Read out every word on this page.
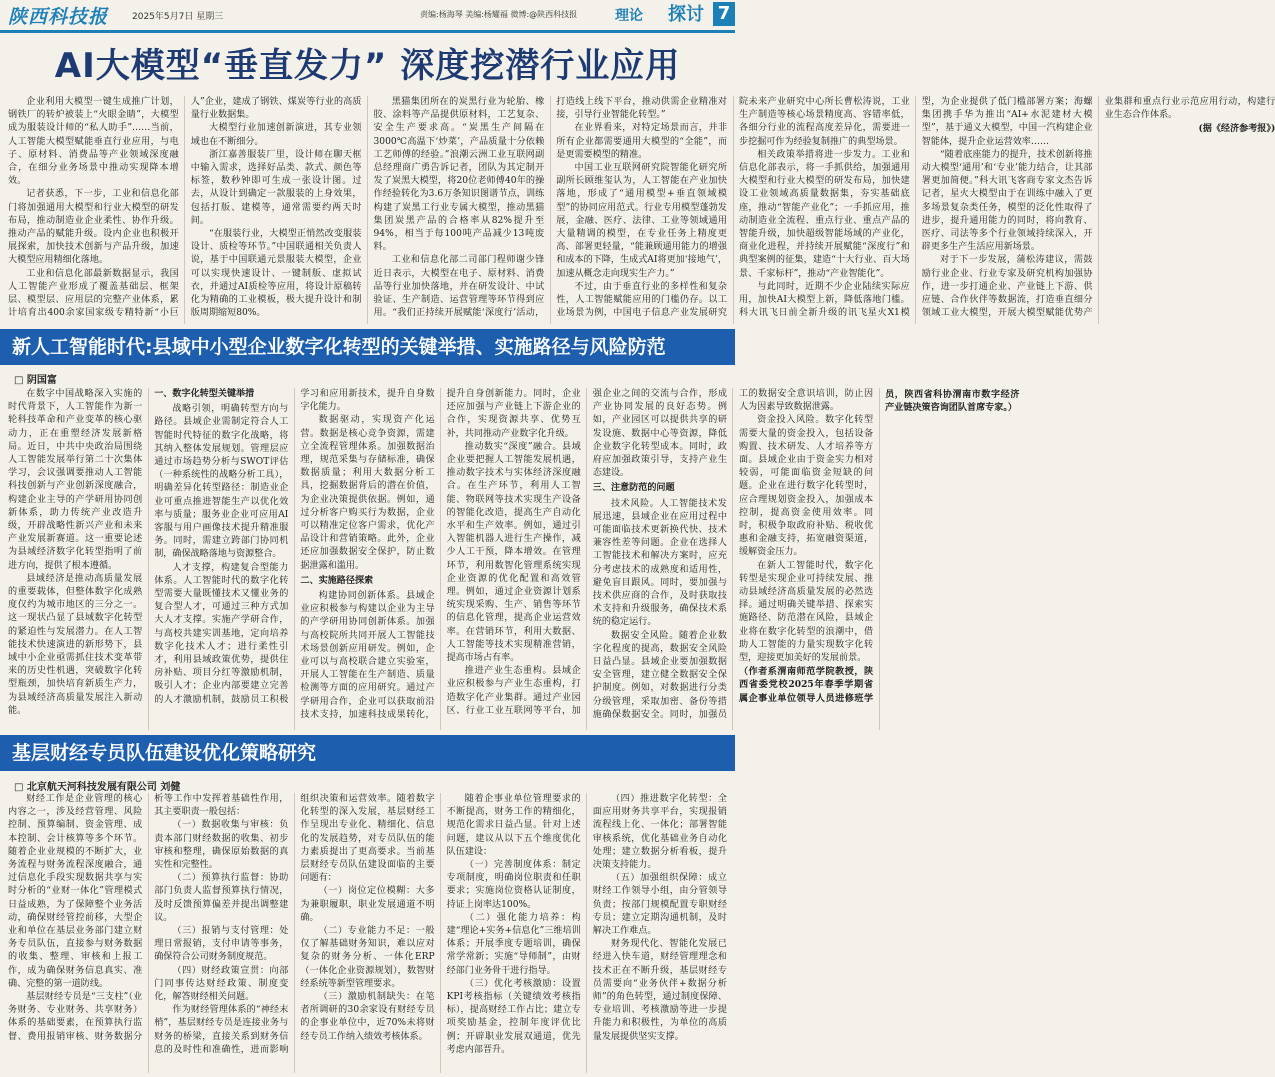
陕西科技报	2025年5月7日 星期三	责编:杨海琴 美编:杨耀福 微博:@陕西科技报	理论 探讨 7
AI大模型“垂直发力” 深度挖潜行业应用

企业利用大模型一键生成推广计划，钢铁厂的转炉被装上“火眼金睛”，大模型成为服装设计师的“私人助手”……当前，人工智能大模型赋能垂直行业应用，与电子、原材料、消费品等产业领域深度融合，在细分业务场景中推动实现降本增效。

记者获悉，下一步，工业和信息化部门将加强通用大模型和行业大模型的研发布局，推动制造业企业柔性、协作升级。推动产品的赋能升级。设内企业也积极开展探索，加快技术创新与产品升级，加速大模型应用精细化落地。

工业和信息化部最新数据显示，我国人工智能产业形成了覆盖基础层、框架层、模型层、应用层的完整产业体系，累计培育出400余家国家级专精特新“小巨人”企业，建成了钢铁、煤炭等行业的高质量行业数据集。

大模型行业加速创新演进，其专业领域也在不断细分。

浙江嘉善服装厂里，设计师在聊天框中输入需求，选择好品类、款式、颜色等标签，数秒钟即可生成一张设计图。过去，从设计到确定一款服装的上身效果，包括打版、建模等，通常需要约两天时间。

“在服装行业，大模型正悄然改变服装设计、质检等环节。”中国联通相关负责人说，基于中国联通元景服装大模型，企业可以实现快速设计、一键制版、虚拟试衣，并通过AI质检等应用，将设计原稿转化为精确的工业模板，极大提升设计和制版周期缩短80%。

黑猫集团所在的炭黑行业为轮胎、橡胶、涂料等产品提供原材料，工艺复杂、安全生产要求高。“炭黑生产间隔在3000℃高温下‘炒菜’，产品质量十分依赖工艺师傅的经验。”浪潮云洲工业互联网副总经理商广勇告诉记者，团队为其定制开发了炭黑大模型，将20位老师傅40年的操作经验转化为3.6万条知识图谱节点，训练构建了炭黑工行业专属大模型，推动黑猫集团炭黑产品的合格率从82%提升至94%，相当于每100吨产品减少13吨废料。

工业和信息化部二司部门程师谢少锋近日表示，大模型在电子、原材料、消费品等行业加快落地，并在研发设计、中试验证、生产制造、运营管理等环节得到应用。“我们正持续开展赋能‘深度行’活动，打造线上线下平台，推动供需企业精准对接，引导行业智能化转型。”

在业界看来，对特定场景而言，并非所有企业都需要通用大模型的“全能”，而是更需要模型的精准。

中国工业互联网研究院智能化研究所副所长顾维玺认为，人工智能在产业加快落地，形成了“通用模型+垂直领域模型”的协同应用范式。行业专用模型蓬勃发展，金融、医疗、法律、工业等领域通用大量精调的模型，在专业任务上精度更高、部署更轻量，“能兼顾通用能力的增强和成本的下降，生成式AI将更加‘接地气’，加速从概念走向现实生产力。”

不过，由于垂直行业的多样性和复杂性，人工智能赋能应用的门槛仍存。以工业场景为例，中国电子信息产业发展研究院未来产业研究中心所长曹松涛说，工业生产制造等核心场景精度高、容错率低，各细分行业的流程高度差异化，需要进一步挖掘可作为经验复制推广的典型场景。

相关政策举措将进一步发力。工业和信息化部表示，将一手抓供给，加强通用大模型和行业大模型的研发布局，加快建设工业领域高质量数据集，夯实基础底座，推动“智能产业化”；一手抓应用，推动制造业全流程、重点行业、重点产品的智能升级，加快超级智能场域的产业化，商业化进程，并持续开展赋能“深度行”和典型案例的征集，建造“十大行业、百大场景、千家标杆”，推动“产业智能化”。

与此同时，近期不少企业陆续实际应用，加快AI大模型上新，降低落地门槛。科大讯飞日前全新升级的讯飞星火X1模型，为企业提供了低门槛部署方案；海螺集团携手华为推出“AI+水泥建材大模型”，基于通义大模型，中国一汽构建企业智能体，提升企业运营效率……

“随着底座能力的提升，技术创新将推动大模型‘通用’和‘专业’能力结合，让其部署更加简便。”科大讯飞客商专家文杰告诉记者，星火大模型由于在训练中融入了更多场景复杂类任务，模型的泛化性取得了进步，提升通用能力的同时，将向教育、医疗、司法等多个行业领域持续深入，开辟更多生产生活应用新场景。

对于下一步发展，蒲松涛建议，需鼓励行业企业、行业专家及研究机构加强协作，进一步打通企业、产业链上下游、供应链、合作伙伴等数据流，打造垂直细分领域工业大模型，开展大模型赋能优势产业集群和重点行业示范应用行动，构建行业生态合作体系。

(据《经济参考报》)

新人工智能时代:县域中小型企业数字化转型的关键举措、实施路径与风险防范
□ 阴国富

在数字中国战略深入实施的时代背景下，人工智能作为新一轮科技革命和产业变革的核心驱动力，正在重塑经济发展新格局。近日，中共中央政治局围绕人工智能发展举行第二十次集体学习，会议强调要推动人工智能科技创新与产业创新深度融合，构建企业主导的产学研用协同创新体系，助力传统产业改造升级，开辟战略性新兴产业和未来产业发展新赛道。这一重要论述为县域经济数字化转型指明了前进方向，提供了根本遵循。

县域经济是推动高质量发展的重要载体，但整体数字化成熟度仅约为城市地区的三分之一。这一现状凸显了县域数字化转型的紧迫性与发展潜力。在人工智能技术快速演进的新形势下，县域中小企业亟需抓住技术变革带来的历史性机遇，突破数字化转型瓶颈，加快培育新质生产力，为县域经济高质量发展注入新动能。

一、数字化转型关键举措

战略引领，明确转型方向与路径。县域企业需制定符合人工智能时代特征的数字化战略，将其纳入整体发展规划。管理层应通过市场趋势分析与SWOT评估（一种系统性的战略分析工具），明确差异化转型路径：制造业企业可重点推进智能生产以优化效率与质量；服务业企业可应用AI客服与用户画像技术提升精准服务。同时，需建立跨部门协同机制，确保战略落地与资源整合。

人才支撑，构建复合型能力体系。人工智能时代的数字化转型需要大量既懂技术又懂业务的复合型人才，可通过三种方式加大人才支撑。实施产学研合作，与高校共建实训基地，定向培养数字化技术人才；进行柔性引才，利用县域政策优势，提供住房补贴、项目分红等激励机制，吸引人才；企业内部要建立完善的人才激励机制，鼓励员工积极学习和应用新技术，提升自身数字化能力。

数据驱动，实现资产化运营。数据是核心竞争资源，需建立全流程管理体系。加强数据治理，规范采集与存储标准，确保数据质量；利用大数据分析工具，挖掘数据背后的潜在价值，为企业决策提供依据。例如，通过分析客户购买行为数据，企业可以精准定位客户需求，优化产品设计和营销策略。此外，企业还应加强数据安全保护，防止数据泄露和滥用。

二、实施路径探索

构建协同创新体系。县域企业应积极参与构建以企业为主导的产学研用协同创新体系。加强与高校院所共同开展人工智能技术场景创新应用研发。例如，企业可以与高校联合建立实验室，开展人工智能在生产制造、质量检测等方面的应用研究。通过产学研用合作，企业可以获取前沿技术支持，加速科技成果转化，提升自身创新能力。同时，企业还应加强与产业链上下游企业的合作，实现资源共享、优势互补，共同推动产业数字化升级。

推动数实“深度”融合。县域企业要把握人工智能发展机遇，推动数字技术与实体经济深度融合。在生产环节，利用人工智能、物联网等技术实现生产设备的智能化改造，提高生产自动化水平和生产效率。例如，通过引入智能机器人进行生产操作，减少人工干预，降本增效。在管理环节，利用数智化管理系统实现企业资源的优化配置和高效管理。例如，通过企业资源计划系统实现采购、生产、销售等环节的信息化管理，提高企业运营效率。在营销环节，利用大数据、人工智能等技术实现精准营销，提高市场占有率。

推进产业生态重构。县域企业应积极参与产业生态重构，打造数字化产业集群。通过产业园区、行业工业互联网等平台，加强企业之间的交流与合作，形成产业协同发展的良好态势。例如，产业园区可以提供共享的研发设施、数据中心等资源，降低企业数字化转型成本。同时，政府应加强政策引导，支持产业生态建设。

三、注意防范的问题

技术风险。人工智能技术发展迅速，县域企业在应用过程中可能面临技术更新换代快、技术兼容性差等问题。企业在选择人工智能技术和解决方案时，应充分考虑技术的成熟度和适用性，避免盲目跟风。同时，要加强与技术供应商的合作，及时获取技术支持和升级服务，确保技术系统的稳定运行。

数据安全风险。随着企业数字化程度的提高，数据安全风险日益凸显。县域企业要加强数据安全管理，建立健全数据安全保护制度。例如，对数据进行分类分级管理，采取加密、备份等措施确保数据安全。同时，加强员工的数据安全意识培训，防止因人为因素导致数据泄露。

资金投入风险。数字化转型需要大量的资金投入，包括设备购置、技术研发、人才培养等方面。县域企业由于资金实力相对较弱，可能面临资金短缺的问题。企业在进行数字化转型时，应合理规划资金投入，加强成本控制，提高资金使用效率。同时，积极争取政府补贴、税收优惠和金融支持，拓宽融资渠道，缓解资金压力。

在新人工智能时代，数字化转型是实现企业可持续发展、推动县域经济高质量发展的必然选择。通过明确关键举措、探索实施路径、防范潜在风险，县域企业将在数字化转型的浪潮中，借助人工智能的力量实现数字化转型，迎接更加美好的发展前景。

（作者系渭南师范学院教授，陕西省委党校2025年春季学期省属企事业单位领导人员进修班学员，陕西省科协渭南市数字经济产业链决策咨询团队首席专家。）

基层财经专员队伍建设优化策略研究
□ 北京航天河科技发展有限公司 刘健

财经工作是企业管理的核心内容之一，涉及经营管理、风险控制、预算编制、资金管理、成本控制、会计核算等多个环节。随着企业业规模的不断扩大，业务流程与财务流程深度融合，通过信息化手段实现数据共享与实时分析的“业财一体化”管理模式日益成熟，为了保障整个业务活动，确保财经管控前移，大型企业和单位在基层业务部门建立财务专员队伍，直接参与财务数据的收集、整理、审核和上报工作，成为确保财务信息真实、准确、完整的第一道防线。

基层财经专员是“三支柱”（业务财务、专业财务、共享财务）体系的基础要素，在预算执行监督、费用报销审核、财务数据分析等工作中发挥着基础性作用，其主要职责一般包括：

（一）数据收集与审核：负责本部门财经数据的收集、初步审核和整理，确保原始数据的真实性和完整性。

（二）预算执行监督：协助部门负责人监督预算执行情况，及时反馈预算偏差并提出调整建议。

（三）报销与支付管理：处理日常报销，支付申请等事务，确保符合公司财务制度规范。

（四）财经政策宣贯：向部门同事传达财经政策、制度变化，解答财经相关问题。

作为财经管理体系的“神经末梢”，基层财经专员是连接业务与财务的桥梁，直接关系到财务信息的及时性和准确性，进而影响组织决策和运营效率。随着数字化转型的深入发展，基层财经工作呈现出专业化、精细化、信息化的发展趋势，对专员队伍的能力素质提出了更高要求。当前基层财经专员队伍建设面临的主要问题有：

（一）岗位定位模糊：大多为兼职履职，职业发展通道不明确。

（二）专业能力不足：一般仅了解基础财务知识，难以应对复杂的财务分析、一体化ERP（一体化企业资源规划），数智财经系统等新型管理要求。

（三）激励机制缺失：在笔者所调研的30余家设有财经专员的企事业单位中，近70%未将财经专员工作纳入绩效考核体系。

随着企事业单位管理要求的不断提高，财务工作的精细化，规范化需求日益凸显。针对上述问题，建议从以下五个维度优化队伍建设：

（一）完善制度体系：制定专项制度，明确岗位职责和任职要求；实施岗位资格认证制度，持证上岗率达100%。

（二）强化能力培养：构建“理论+实务+信息化”三维培训体系；开展季度专题培训，确保常学常新；实施“导师制”，由财经部门业务骨干进行指导。

（三）优化考核激励：设置KPI考核指标（关键绩效考核指标），提高财经工作占比；建立专项奖励基金，控制年度评优比例；开辟职业发展双通道，优先考虑内部晋升。

（四）推进数字化转型：全面应用财务共享平台，实现报销流程线上化、一体化；部署智能审核系统，优化基础业务自动化处理；建立数据分析看板，提升决策支持能力。

（五）加强组织保障：成立财经工作领导小组，由分管领导负责；按部门规模配置专职财经专员；建立定期沟通机制，及时解决工作难点。

财务现代化、智能化发展已经进入快车道，财经管理理念和技术正在不断升级，基层财经专员需要向“业务伙伴+数据分析师”的角色转型，通过制度保障、专业培训、考核激励等进一步提升能力和积极性，为单位的高质量发展提供坚实支撑。
